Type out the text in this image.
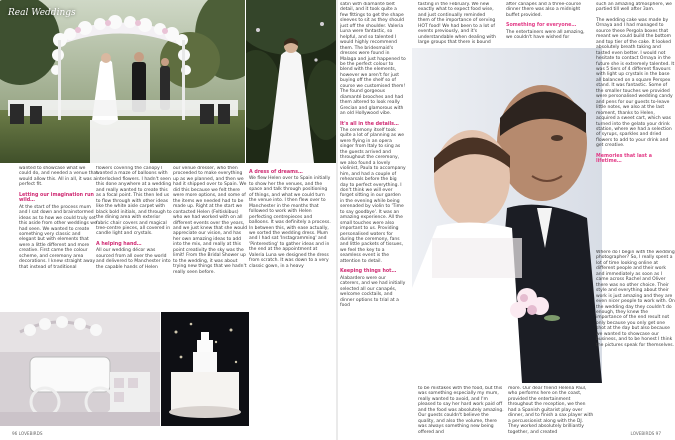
Real Weddings

wanted to showcase what we could do, and needed a venue that would allow this. All in all, it was a perfect fit.

Letting our imagination run wild…

At the start of the process mum and I sat down and brainstormed ideas as to how we could truly set this aside from other weddings we had seen. We wanted to create something very classic and elegant but with elements that were a little different and more creative. First came the colour scheme, and ceremony area decorations. I knew straight away that instead of traditional

flowers covering the canopy I wanted a maze of balloons with interlocked flowers. I hadn't seen this done anywhere at a wedding and really wanted to create this as a focal point. This then led us to flow through with other ideas like the white aisle carpet with black bold initials, and through to the dining area with exterior fabric chair covers and magical tree-centre pieces, all covered in candle light and crystals.

A helping hand…

All our wedding décor was sourced from all over the world and delivered to Manchester into the capable hands of Helen

our venue dresser, who then proceeded to make everything up as we planned, and then we had it shipped over to Spain. We did this because we felt there were more options, and some of the items we needed had to be made up. Right at the start we contacted Helen (Feltiskibus) who we had worked with on all different events over the years, and we just knew that she would appreciate our vision, and has her own amazing ideas to add into the mix, and really at this point creativity the sky was the limit! From the Bridal Shower up to the wedding, it was about trying new things that we hadn't really seen before.

A dress of dreams…

We flew Helen over to Spain initially to show her the venues, and the space and talk through positioning of things, and what we could turn the venue into. I then flew over to Manchester in the months that followed to work with Helen perfecting centrepieces and balloons. It was definitely a process. In between this, with ease actually, we sorted the wedding dress. Mum and I had sat 'Instagramming' and 'Pinteresting' to gather ideas and in the end at the appointment at Valeria Luna we designed the dress from scratch. It was down to a very classic gown, in a heavy

96 LOVEBIRDS

satin with diamanté belt detail, and it took quite a few fittings to get the shape sleeves to sit as they should just off the shoulder. Valeria Luna were fantastic, so helpful, and so talented I would highly recommend them. The bridesmaid's dresses were found in Malaga and just happened to be the perfect colour to blend with the elements, however we aren't for just buying off the shelf so of course we customised them! The found gorgeous diamanté brooches and had them altered to look really Grecian and glamorous with an old Hollywood vibe.

It's all in the details…

The ceremony itself took quite a lot of planning as we were flying in an opera singer from Italy to sing as the guests arrived and throughout the ceremony, we also found a lovely violinist, Paula to accompany him, and had a couple of rehearsals before the big day to perfect everything. I don't think we will ever forget sitting in our garden in the evening while being serenaded by violin to 'Time to say goodbye'. It was an amazing experience. All the small touches were also important to us. Providing personalised waters for during the ceremony, fans and little packets of tissues, we feel the key to a seamless event is the attention to detail.

Keeping things hot…

Alabardero were our caterers, and we had initially selected all our canapés, welcome cocktails, and dinner options to trial at a food

tasting in the February. We new exactly what to expect food wise, and just continually reminded them of the importance of serving HOT food! We had been to a lot of events previously, and it's understandable when dealing with large groups that there is bound

after canapés and a three-course dinner there was also a midnight buffet provided.

Something for everyone…

The entertainers were all amazing, we couldn't have wished for

to be mistakes with the food, but this was something especially my mum, really wanted to avoid, and I'm pleased to say her hard work paid off and the food was absolutely amazing. Our guests couldn't believe the quality, and also the volume, there was always something new being offered and

more. Our dear friend Helena Paul, who performs here on the coast, provided the entertainment throughout the reception, we then had a Spanish guitarist play over dinner, and to finish a sax player with a percussionist along with the DJ. They worked absolutely brilliantly together, and created

such an amazing atmosphere, we partied till well after 3am.

The wedding cake was made by Ornaya and I had managed to source these Pergola boxes that meant we could build the bottom and top tier of the cake. It looked absolutely breath taking and tasted even better. I would not hesitate to contact Ornaya in the future she is extremely talented. It was 5 tiers of 4 different flavours with light up crystals in the base all balanced on a square Perspex stand. It was fantastic. Some of the smaller touches we provided were personalised wedding candy and pens for our guests to-leave little notes, we also at the last moment, thanks to Helen, acquired a sweet cart, which was turned into the gelato your drink station, where we had a selection of syrups, sparkles and dried flowers to add to your drink and get creative.

Memories that last a lifetime…

Where do I begin with the wedding photographer? So, I really spent a lot of time looking online at different people and their work and immediately as soon as I came across Rachel and Oliver there was no other choice. Their style and everything about their work is just amazing and they are even nicer people to work with. On the wedding day they couldn't do enough, they knew the importance of the end result not only because you only get one shot at the day but also because we wanted to showcase our business, and to be honest I think the pictures speak for themselves.

LOVEBIRDS 97
